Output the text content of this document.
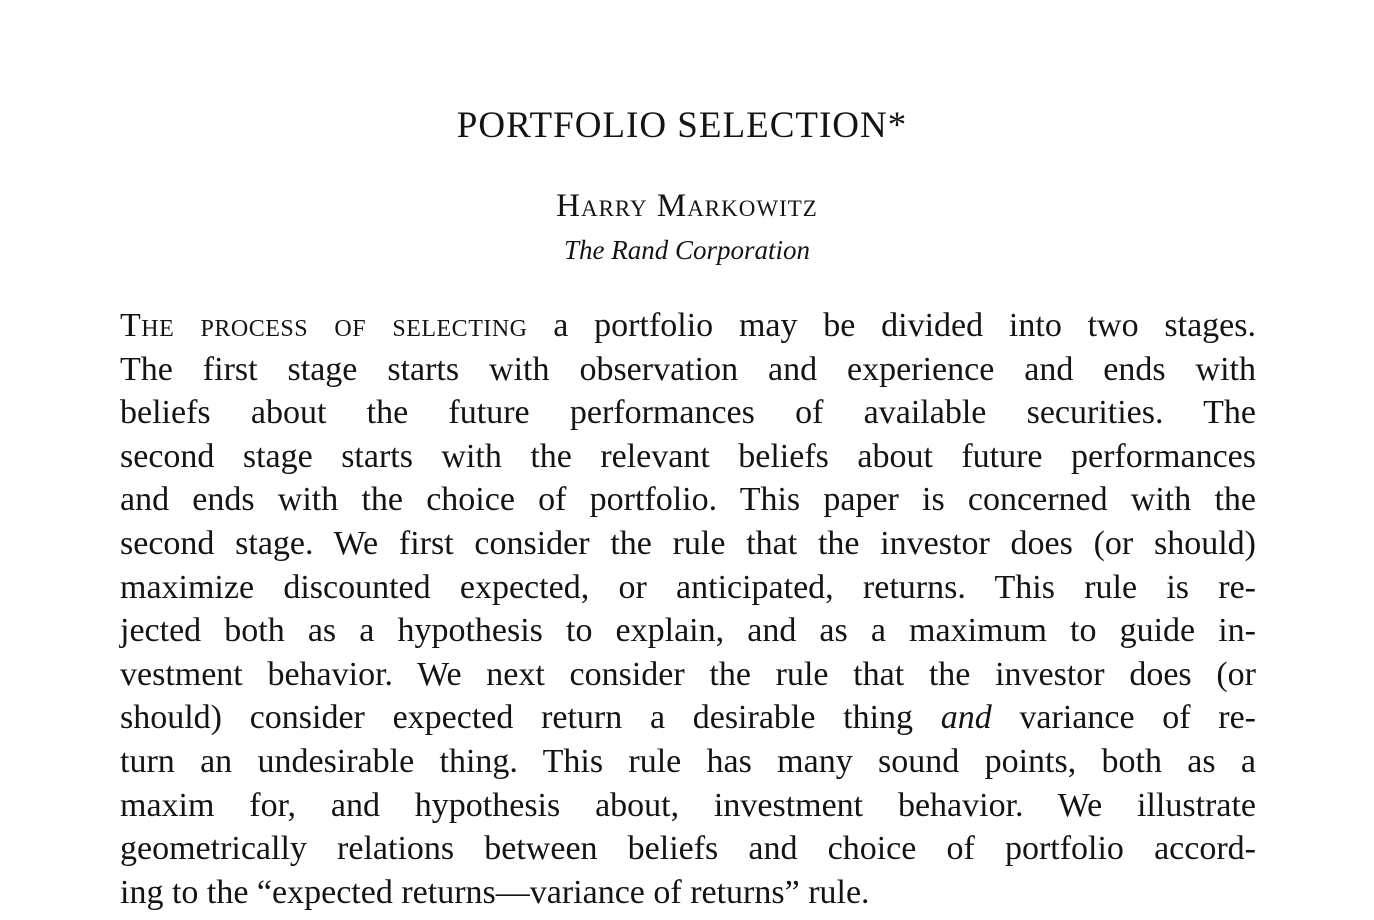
PORTFOLIO SELECTION*
Harry Markowitz
The Rand Corporation
The process of selecting a portfolio may be divided into two stages.
The first stage starts with observation and experience and ends with
beliefs about the future performances of available securities. The
second stage starts with the relevant beliefs about future performances
and ends with the choice of portfolio. This paper is concerned with the
second stage. We first consider the rule that the investor does (or should)
maximize discounted expected, or anticipated, returns. This rule is re-
jected both as a hypothesis to explain, and as a maximum to guide in-
vestment behavior. We next consider the rule that the investor does (or
should) consider expected return a desirable thing and variance of re-
turn an undesirable thing. This rule has many sound points, both as a
maxim for, and hypothesis about, investment behavior. We illustrate
geometrically relations between beliefs and choice of portfolio accord-
ing to the “expected returns—variance of returns” rule.
